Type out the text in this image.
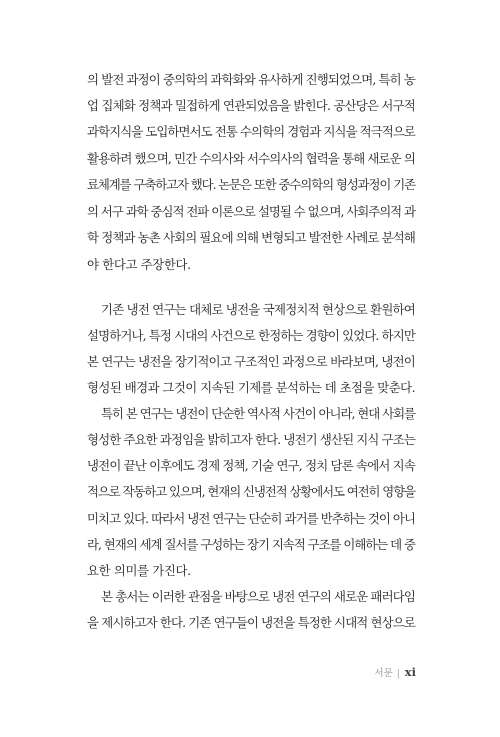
의 발전 과정이 중의학의 과학화와 유사하게 진행되었으며, 특히 농
업 집체화 정책과 밀접하게 연관되었음을 밝힌다. 공산당은 서구적
과학지식을 도입하면서도 전통 수의학의 경험과 지식을 적극적으로
활용하려 했으며, 민간 수의사와 서수의사의 협력을 통해 새로운 의
료체계를 구축하고자 했다. 논문은 또한 중수의학의 형성과정이 기존
의 서구 과학 중심적 전파 이론으로 설명될 수 없으며, 사회주의적 과
학 정책과 농촌 사회의 필요에 의해 변형되고 발전한 사례로 분석해
야 한다고 주장한다.
기존 냉전 연구는 대체로 냉전을 국제정치적 현상으로 환원하여
설명하거나, 특정 시대의 사건으로 한정하는 경향이 있었다. 하지만
본 연구는 냉전을 장기적이고 구조적인 과정으로 바라보며, 냉전이
형성된 배경과 그것이 지속된 기제를 분석하는 데 초점을 맞춘다.
특히 본 연구는 냉전이 단순한 역사적 사건이 아니라, 현대 사회를
형성한 주요한 과정임을 밝히고자 한다. 냉전기 생산된 지식 구조는
냉전이 끝난 이후에도 경제 정책, 기술 연구, 정치 담론 속에서 지속
적으로 작동하고 있으며, 현재의 신냉전적 상황에서도 여전히 영향을
미치고 있다. 따라서 냉전 연구는 단순히 과거를 반추하는 것이 아니
라, 현재의 세계 질서를 구성하는 장기 지속적 구조를 이해하는 데 중
요한 의미를 가진다.
본 총서는 이러한 관점을 바탕으로 냉전 연구의 새로운 패러다임
을 제시하고자 한다. 기존 연구들이 냉전을 특정한 시대적 현상으로
서문 | xi
